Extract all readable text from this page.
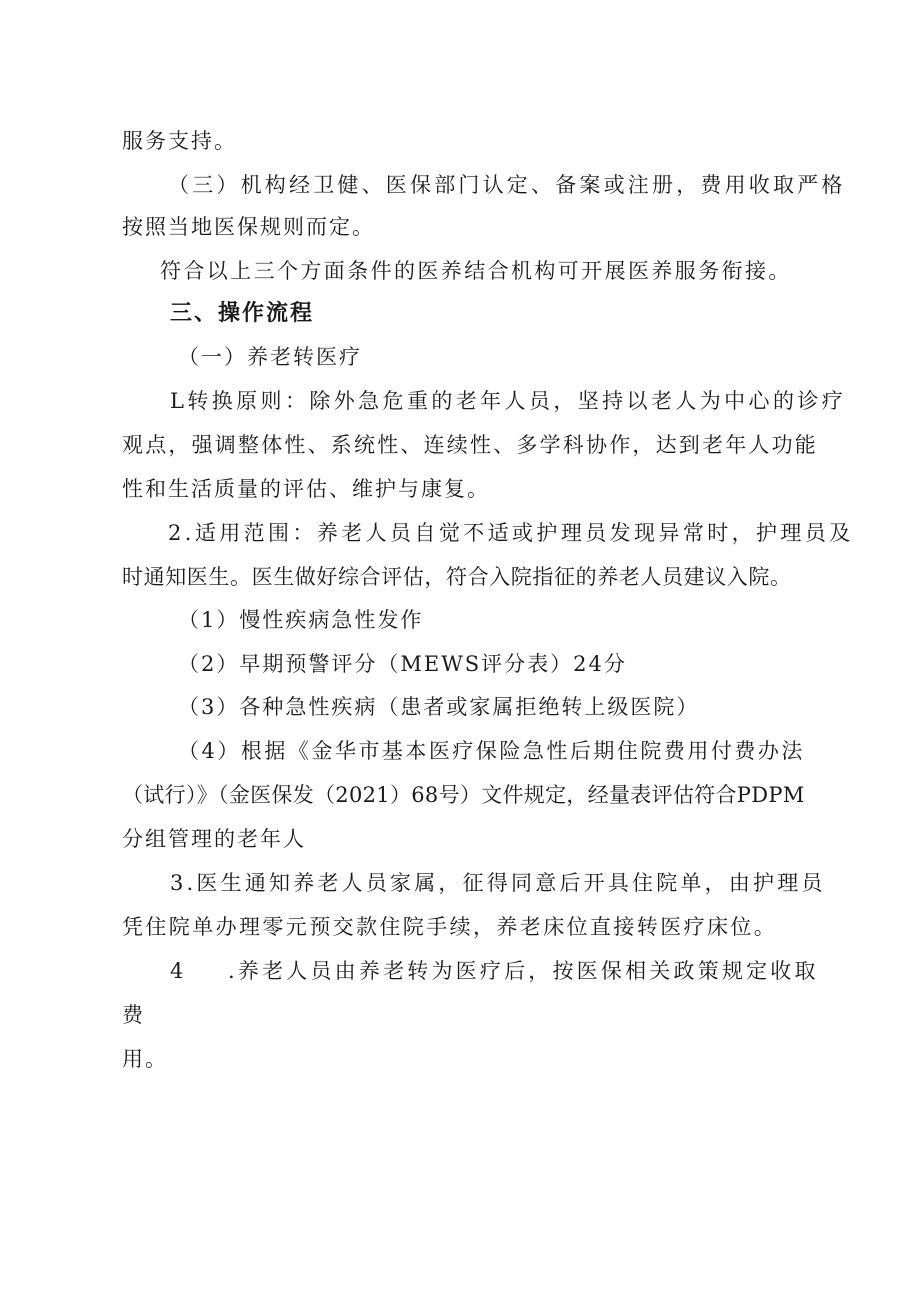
服务支持。
（三）机构经卫健、医保部门认定、备案或注册，费用收取严格
按照当地医保规则而定。
符合以上三个方面条件的医养结合机构可开展医养服务衔接。
三、操作流程
（一）养老转医疗
L转换原则：除外急危重的老年人员，坚持以老人为中心的诊疗
观点，强调整体性、系统性、连续性、多学科协作，达到老年人功能
性和生活质量的评估、维护与康复。
2.适用范围：养老人员自觉不适或护理员发现异常时，护理员及
时通知医生。医生做好综合评估，符合入院指征的养老人员建议入院。
（1）慢性疾病急性发作
（2）早期预警评分（MEWS评分表）24分
（3）各种急性疾病（患者或家属拒绝转上级医院）
（4）根据《金华市基本医疗保险急性后期住院费用付费办法
（试行）》（金医保发（2021）68号）文件规定，经量表评估符合PDPM
分组管理的老年人
3.医生通知养老人员家属，征得同意后开具住院单，由护理员
凭住院单办理零元预交款住院手续，养老床位直接转医疗床位。
4 .养老人员由养老转为医疗后，按医保相关政策规定收取
费
用。
